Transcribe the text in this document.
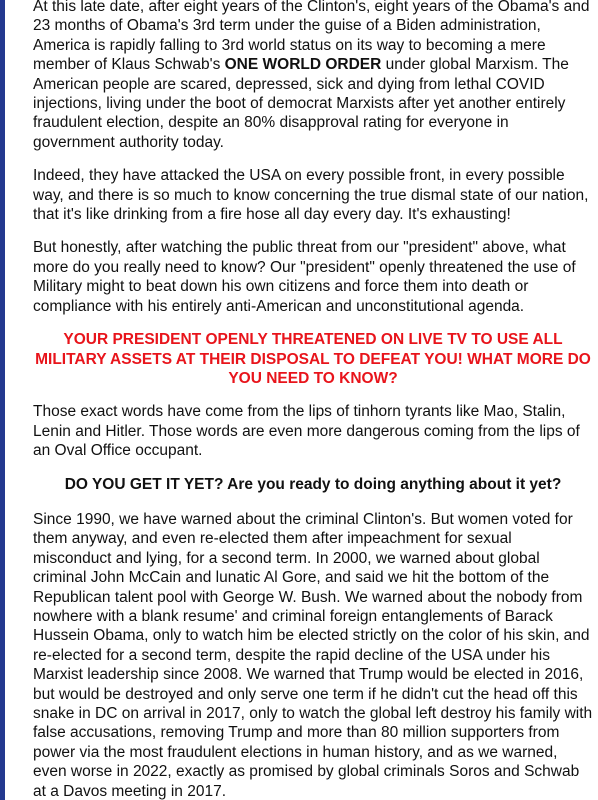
At this late date, after eight years of the Clinton's, eight years of the Obama's and 23 months of Obama's 3rd term under the guise of a Biden administration, America is rapidly falling to 3rd world status on its way to becoming a mere member of Klaus Schwab's ONE WORLD ORDER under global Marxism. The American people are scared, depressed, sick and dying from lethal COVID injections, living under the boot of democrat Marxists after yet another entirely fraudulent election, despite an 80% disapproval rating for everyone in government authority today.

Indeed, they have attacked the USA on every possible front, in every possible way, and there is so much to know concerning the true dismal state of our nation, that it's like drinking from a fire hose all day every day. It's exhausting!

But honestly, after watching the public threat from our "president" above, what more do you really need to know? Our "president" openly threatened the use of Military might to beat down his own citizens and force them into death or compliance with his entirely anti-American and unconstitutional agenda.

YOUR PRESIDENT OPENLY THREATENED ON LIVE TV TO USE ALL MILITARY ASSETS AT THEIR DISPOSAL TO DEFEAT YOU! WHAT MORE DO YOU NEED TO KNOW?

Those exact words have come from the lips of tinhorn tyrants like Mao, Stalin, Lenin and Hitler. Those words are even more dangerous coming from the lips of an Oval Office occupant.

DO YOU GET IT YET? Are you ready to doing anything about it yet?

Since 1990, we have warned about the criminal Clinton's. But women voted for them anyway, and even re-elected them after impeachment for sexual misconduct and lying, for a second term. In 2000, we warned about global criminal John McCain and lunatic Al Gore, and said we hit the bottom of the Republican talent pool with George W. Bush. We warned about the nobody from nowhere with a blank resume' and criminal foreign entanglements of Barack Hussein Obama, only to watch him be elected strictly on the color of his skin, and re-elected for a second term, despite the rapid decline of the USA under his Marxist leadership since 2008. We warned that Trump would be elected in 2016, but would be destroyed and only serve one term if he didn't cut the head off this snake in DC on arrival in 2017, only to watch the global left destroy his family with false accusations, removing Trump and more than 80 million supporters from power via the most fraudulent elections in human history, and as we warned, even worse in 2022, exactly as promised by global criminals Soros and Schwab at a Davos meeting in 2017.
